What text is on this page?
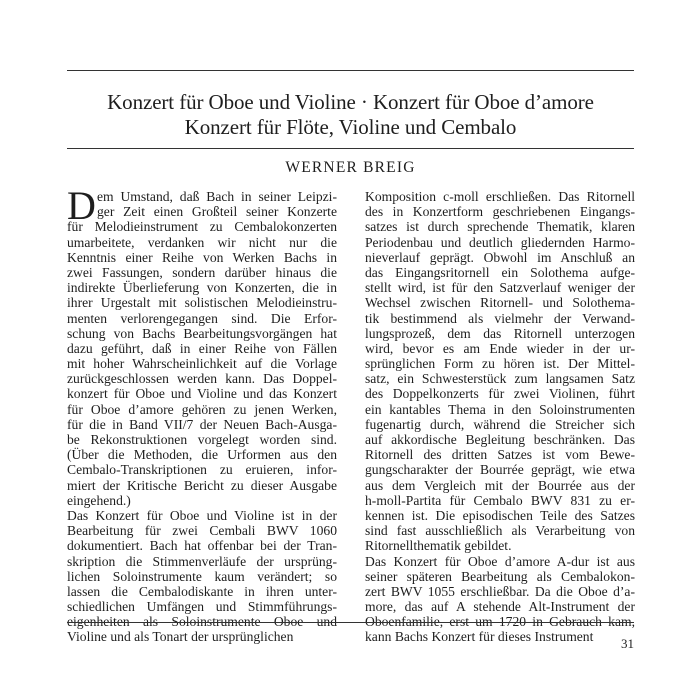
Konzert für Oboe und Violine · Konzert für Oboe d’amore
Konzert für Flöte, Violine und Cembalo
WERNER BREIG
D em Umstand, daß Bach in seiner Leipzi-
ger Zeit einen Großteil seiner Konzerte
für Melodieinstrument zu Cembalokonzerten
umarbeitete, verdanken wir nicht nur die
Kenntnis einer Reihe von Werken Bachs in
zwei Fassungen, sondern darüber hinaus die
indirekte Überlieferung von Konzerten, die in
ihrer Urgestalt mit solistischen Melodieinstru-
menten verlorengegangen sind. Die Erfor-
schung von Bachs Bearbeitungsvorgängen hat
dazu geführt, daß in einer Reihe von Fällen
mit hoher Wahrscheinlichkeit auf die Vorlage
zurückgeschlossen werden kann. Das Doppel-
konzert für Oboe und Violine und das Konzert
für Oboe d’amore gehören zu jenen Werken,
für die in Band VII/7 der Neuen Bach-Ausga-
be Rekonstruktionen vorgelegt worden sind.
(Über die Methoden, die Urformen aus den
Cembalo-Transkriptionen zu eruieren, infor-
miert der Kritische Bericht zu dieser Ausgabe
eingehend.)
Das Konzert für Oboe und Violine ist in der
Bearbeitung für zwei Cembali BWV 1060
dokumentiert. Bach hat offenbar bei der Tran-
skription die Stimmenverläufe der ursprüng-
lichen Soloinstrumente kaum verändert; so
lassen die Cembalodiskante in ihren unter-
schiedlichen Umfängen und Stimmführungs-
eigenheiten als Soloinstrumente Oboe und
Violine und als Tonart der ursprünglichen
Komposition c-moll erschließen. Das Ritornell
des in Konzertform geschriebenen Eingangs-
satzes ist durch sprechende Thematik, klaren
Periodenbau und deutlich gliedernden Harmo-
nieverlauf geprägt. Obwohl im Anschluß an
das Eingangsritornell ein Solothema aufge-
stellt wird, ist für den Satzverlauf weniger der
Wechsel zwischen Ritornell- und Solothema-
tik bestimmend als vielmehr der Verwand-
lungsprozeß, dem das Ritornell unterzogen
wird, bevor es am Ende wieder in der ur-
sprünglichen Form zu hören ist. Der Mittel-
satz, ein Schwesterstück zum langsamen Satz
des Doppelkonzerts für zwei Violinen, führt
ein kantables Thema in den Soloinstrumenten
fugenartig durch, während die Streicher sich
auf akkordische Begleitung beschränken. Das
Ritornell des dritten Satzes ist vom Bewe-
gungscharakter der Bourrée geprägt, wie etwa
aus dem Vergleich mit der Bourrée aus der
h-moll-Partita für Cembalo BWV 831 zu er-
kennen ist. Die episodischen Teile des Satzes
sind fast ausschließlich als Verarbeitung von
Ritornellthematik gebildet.
Das Konzert für Oboe d’amore A-dur ist aus
seiner späteren Bearbeitung als Cembalokon-
zert BWV 1055 erschließbar. Da die Oboe d’a-
more, das auf A stehende Alt-Instrument der
Oboenfamilie, erst um 1720 in Gebrauch kam,
kann Bachs Konzert für dieses Instrument	31
